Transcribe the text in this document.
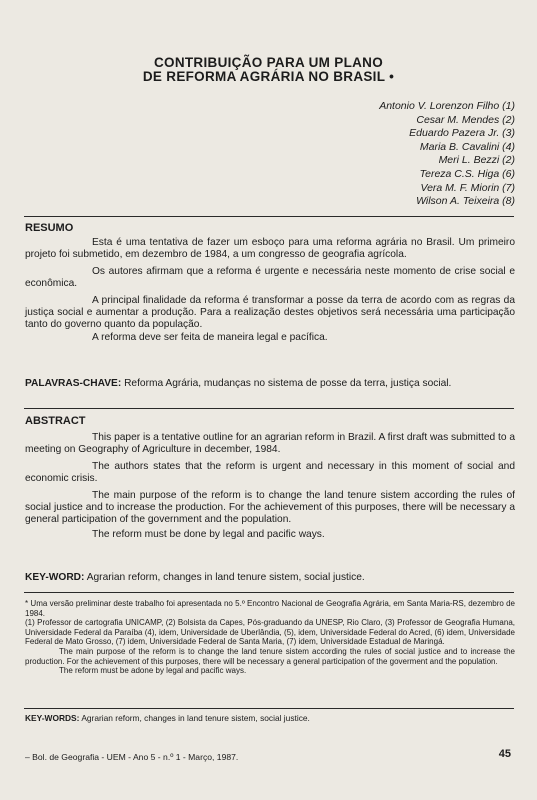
CONTRIBUIÇÃO PARA UM PLANO
DE REFORMA AGRÁRIA NO BRASIL •
Antonio V. Lorenzon Filho (1)
Cesar M. Mendes (2)
Eduardo Pazera Jr. (3)
Maria B. Cavalini (4)
Meri L. Bezzi (2)
Tereza C.S. Higa (6)
Vera M. F. Miorin (7)
Wilson A. Teixeira (8)
RESUMO

Esta é uma tentativa de fazer um esboço para uma reforma agrária no Brasil. Um primeiro projeto foi submetido, em dezembro de 1984, a um congresso de geografia agrícola.

Os autores afirmam que a reforma é urgente e necessária neste momento de crise social e econômica.

A principal finalidade da reforma é transformar a posse da terra de acordo com as regras da justiça social e aumentar a produção. Para a realização destes objetivos será necessária uma participação tanto do governo quanto da população.

A reforma deve ser feita de maneira legal e pacífica.

PALAVRAS-CHAVE: Reforma Agrária, mudanças no sistema de posse da terra, justiça social.
ABSTRACT

This paper is a tentative outline for an agrarian reform in Brazil. A first draft was submitted to a meeting on Geography of Agriculture in december, 1984.

The authors states that the reform is urgent and necessary in this moment of social and economic crisis.

The main purpose of the reform is to change the land tenure sistem according the rules of social justice and to increase the production. For the achievement of this purposes, there will be necessary a general participation of the government and the population.

The reform must be done by legal and pacific ways.

KEY-WORD: Agrarian reform, changes in land tenure sistem, social justice.

* Uma versão preliminar deste trabalho foi apresentada no 5.º Encontro Nacional de Geografia Agrária, em Santa Maria-RS, dezembro de 1984.

(1) Professor de cartografia UNICAMP, (2) Bolsista da Capes, Pós-graduando da UNESP, Rio Claro, (3) Professor de Geografia Humana, Universidade Federal da Paraíba (4), idem, Universidade de Uberlândia, (5), idem, Universidade Federal do Acred, (6) idem, Universidade Federal de Mato Grosso, (7) idem, Universidade Federal de Santa Maria, (7) idem, Universidade Estadual de Maringá.

The main purpose of the reform is to change the land tenure sistem according the rules of social justice and to increase the production. For the achievement of this purposes, there will be necessary a general participation of the goverment and the population.

The reform must be adone by legal and pacific ways.

KEY-WORDS: Agrarian reform, changes in land tenure sistem, social justice.
– Bol. de Geografia - UEM - Ano 5 - n.º 1 - Março, 1987.	45
